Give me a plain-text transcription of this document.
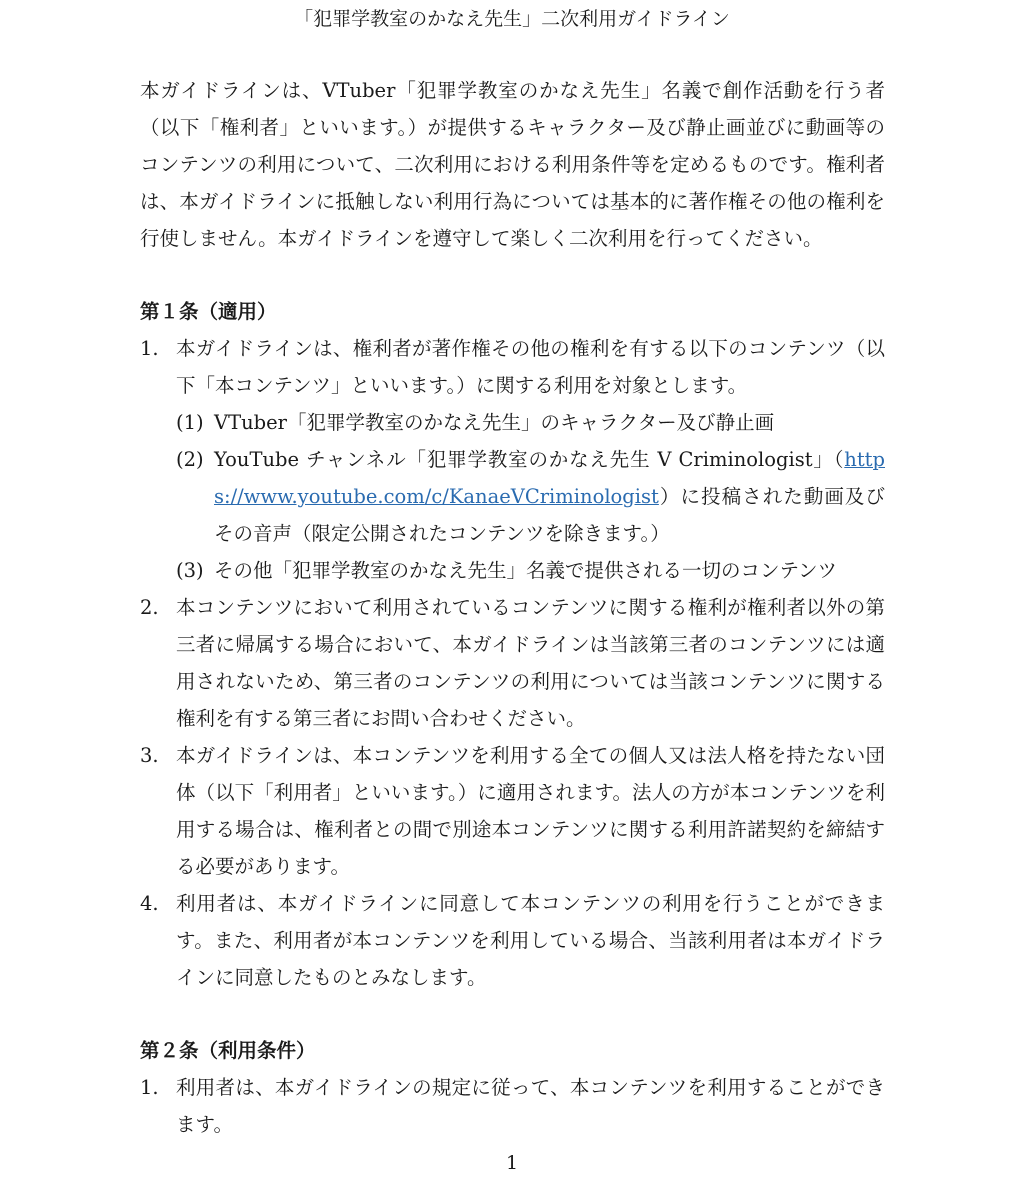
「犯罪学教室のかなえ先生」二次利用ガイドライン

本ガイドラインは、VTuber「犯罪学教室のかなえ先生」名義で創作活動を行う者（以下「権利者」といいます。）が提供するキャラクター及び静止画並びに動画等のコンテンツの利用について、二次利用における利用条件等を定めるものです。権利者は、本ガイドラインに抵触しない利用行為については基本的に著作権その他の権利を行使しません。本ガイドラインを遵守して楽しく二次利用を行ってください。

第１条（適用）
1. 本ガイドラインは、権利者が著作権その他の権利を有する以下のコンテンツ（以下「本コンテンツ」といいます。）に関する利用を対象とします。
(1) VTuber「犯罪学教室のかなえ先生」のキャラクター及び静止画
(2) YouTube チャンネル「犯罪学教室のかなえ先生 V Criminologist」（https://www.youtube.com/c/KanaeVCriminologist）に投稿された動画及びその音声（限定公開されたコンテンツを除きます。）
(3) その他「犯罪学教室のかなえ先生」名義で提供される一切のコンテンツ
2. 本コンテンツにおいて利用されているコンテンツに関する権利が権利者以外の第三者に帰属する場合において、本ガイドラインは当該第三者のコンテンツには適用されないため、第三者のコンテンツの利用については当該コンテンツに関する権利を有する第三者にお問い合わせください。
3. 本ガイドラインは、本コンテンツを利用する全ての個人又は法人格を持たない団体（以下「利用者」といいます。）に適用されます。法人の方が本コンテンツを利用する場合は、権利者との間で別途本コンテンツに関する利用許諾契約を締結する必要があります。
4. 利用者は、本ガイドラインに同意して本コンテンツの利用を行うことができます。また、利用者が本コンテンツを利用している場合、当該利用者は本ガイドラインに同意したものとみなします。
第２条（利用条件）
1. 利用者は、本ガイドラインの規定に従って、本コンテンツを利用することができます。
1
